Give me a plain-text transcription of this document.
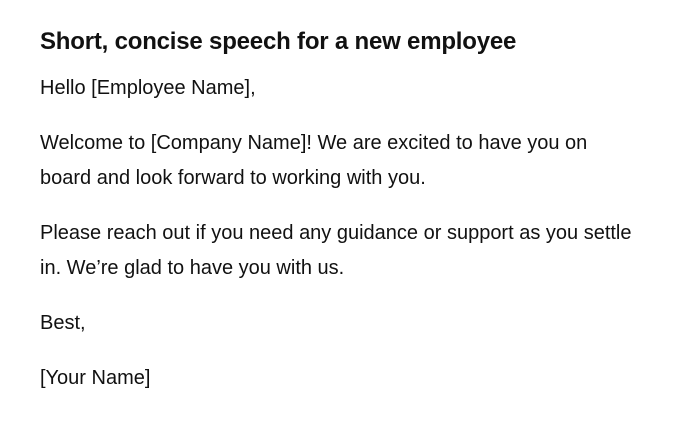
Short, concise speech for a new employee

Hello [Employee Name],

Welcome to [Company Name]! We are excited to have you on board and look forward to working with you.

Please reach out if you need any guidance or support as you settle in. We’re glad to have you with us.

Best,

[Your Name]
